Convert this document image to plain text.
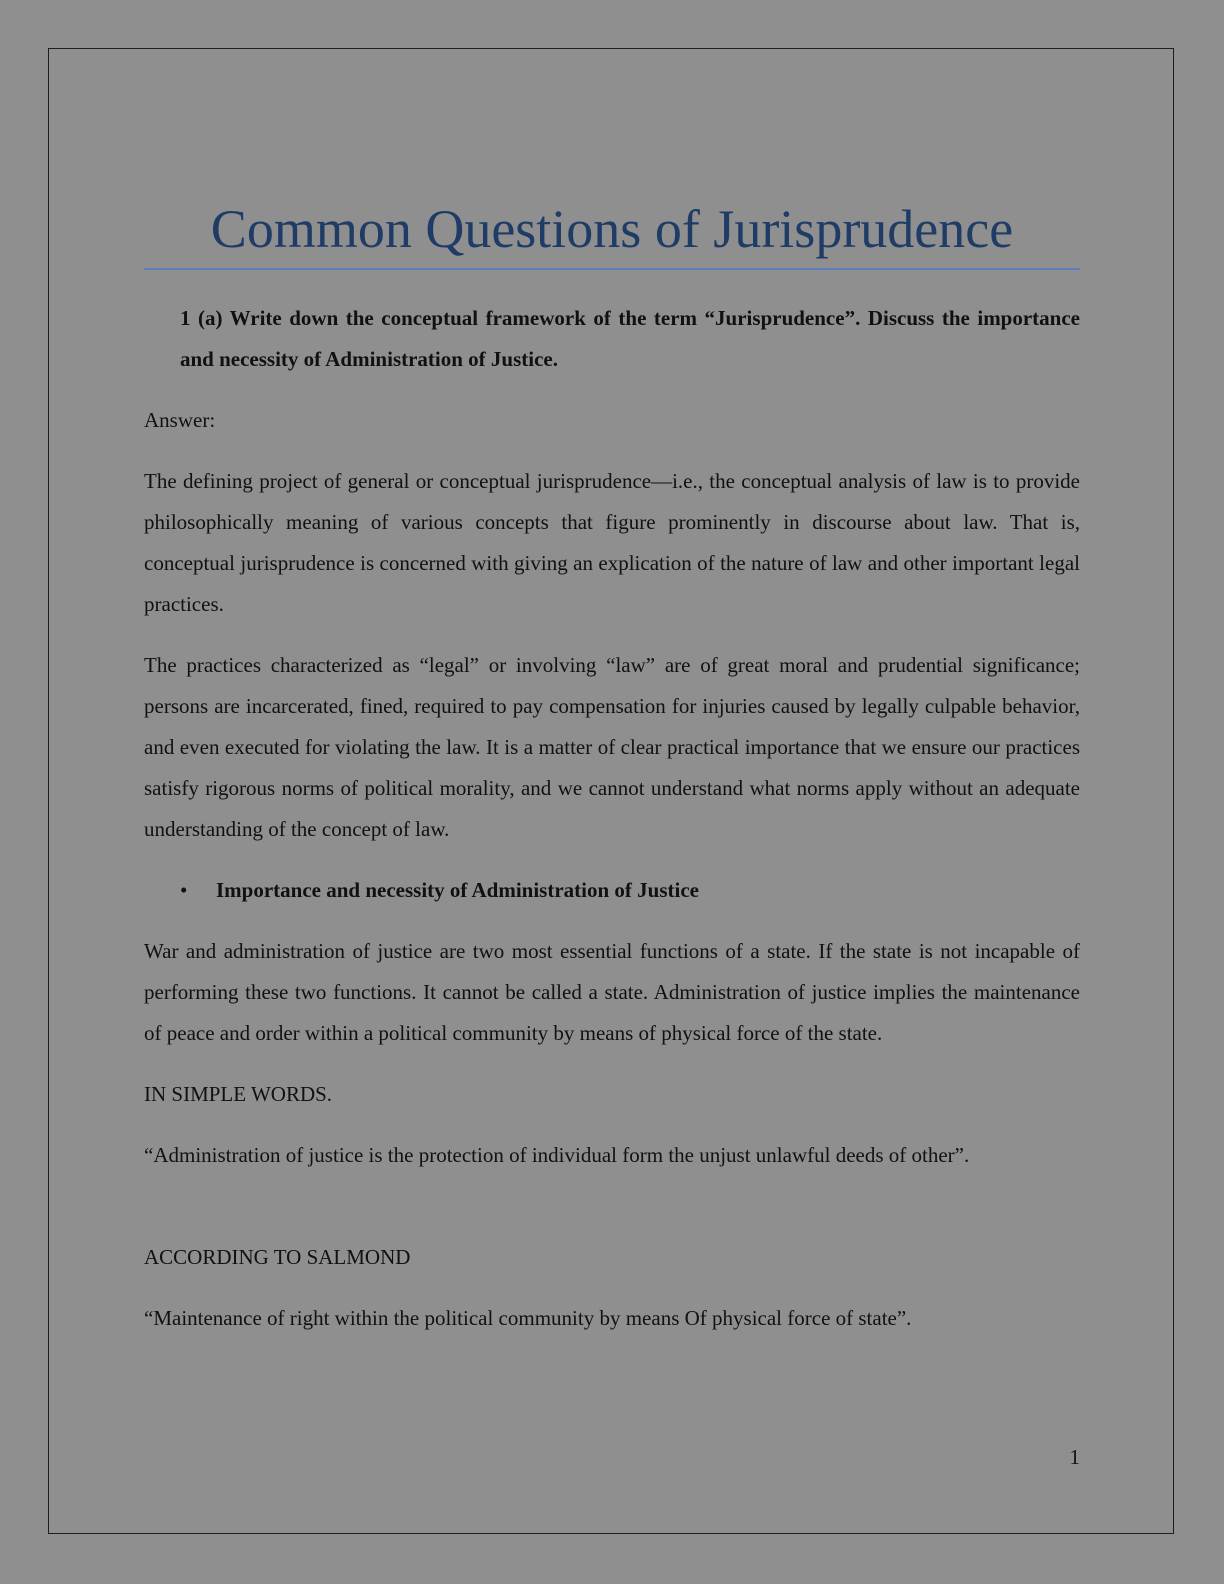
Common Questions of Jurisprudence

1 (a) Write down the conceptual framework of the term “Jurisprudence”. Discuss the importance and necessity of Administration of Justice.

Answer:

The defining project of general or conceptual jurisprudence—i.e., the conceptual analysis of law is to provide philosophically meaning of various concepts that figure prominently in discourse about law. That is, conceptual jurisprudence is concerned with giving an explication of the nature of law and other important legal practices.

The practices characterized as “legal” or involving “law” are of great moral and prudential significance; persons are incarcerated, fined, required to pay compensation for injuries caused by legally culpable behavior, and even executed for violating the law. It is a matter of clear practical importance that we ensure our practices satisfy rigorous norms of political morality, and we cannot understand what norms apply without an adequate understanding of the concept of law.

•	Importance and necessity of Administration of Justice

War and administration of justice are two most essential functions of a state. If the state is not incapable of performing these two functions. It cannot be called a state. Administration of justice implies the maintenance of peace and order within a political community by means of physical force of the state.

IN SIMPLE WORDS.

“Administration of justice is the protection of individual form the unjust unlawful deeds of other”.

ACCORDING TO SALMOND

“Maintenance of right within the political community by means Of physical force of state”.

1
